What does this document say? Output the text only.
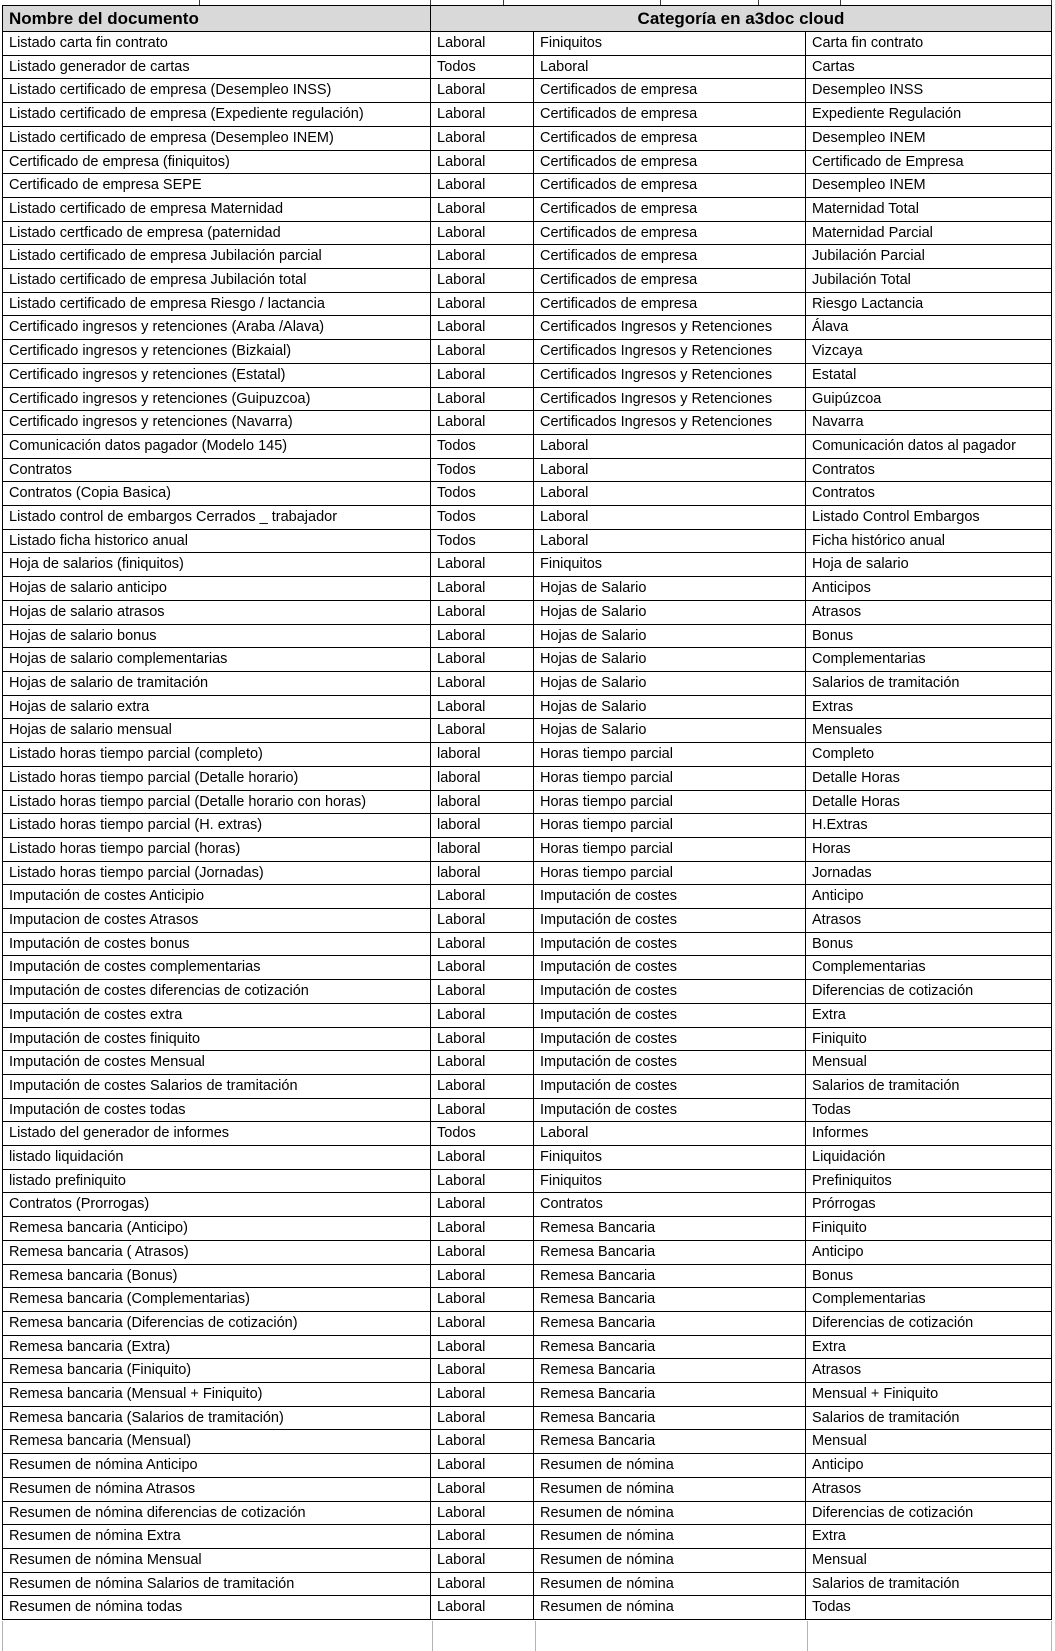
Nombre del documento	Categoría en a3doc cloud		
Listado carta fin contrato	Laboral	Finiquitos	Carta fin contrato
Listado generador de cartas	Todos	Laboral	Cartas
Listado certificado de empresa (Desempleo INSS)	Laboral	Certificados de empresa	Desempleo INSS
Listado certificado de empresa (Expediente regulación)	Laboral	Certificados de empresa	Expediente Regulación
Listado certificado de empresa (Desempleo INEM)	Laboral	Certificados de empresa	Desempleo INEM
Certificado de empresa (finiquitos)	Laboral	Certificados de empresa	Certificado de Empresa
Certificado de empresa SEPE	Laboral	Certificados de empresa	Desempleo INEM
Listado certificado de empresa Maternidad	Laboral	Certificados de empresa	Maternidad Total
Listado certficado de empresa (paternidad	Laboral	Certificados de empresa	Maternidad Parcial
Listado certificado de empresa Jubilación parcial	Laboral	Certificados de empresa	Jubilación Parcial
Listado certificado de empresa Jubilación total	Laboral	Certificados de empresa	Jubilación Total
Listado certificado de empresa Riesgo / lactancia	Laboral	Certificados de empresa	Riesgo Lactancia
Certificado ingresos y retenciones (Araba /Alava)	Laboral	Certificados Ingresos y Retenciones	Álava
Certificado ingresos y retenciones (Bizkaial)	Laboral	Certificados Ingresos y Retenciones	Vizcaya
Certificado ingresos y retenciones (Estatal)	Laboral	Certificados Ingresos y Retenciones	Estatal
Certificado ingresos y retenciones (Guipuzcoa)	Laboral	Certificados Ingresos y Retenciones	Guipúzcoa
Certificado ingresos y retenciones (Navarra)	Laboral	Certificados Ingresos y Retenciones	Navarra
Comunicación datos pagador (Modelo 145)	Todos	Laboral	Comunicación datos al pagador
Contratos	Todos	Laboral	Contratos
Contratos (Copia Basica)	Todos	Laboral	Contratos
Listado control de embargos Cerrados _ trabajador	Todos	Laboral	Listado Control Embargos
Listado ficha historico anual	Todos	Laboral	Ficha histórico anual
Hoja de salarios (finiquitos)	Laboral	Finiquitos	Hoja de salario
Hojas de salario anticipo	Laboral	Hojas de Salario	Anticipos
Hojas de salario atrasos	Laboral	Hojas de Salario	Atrasos
Hojas de salario bonus	Laboral	Hojas de Salario	Bonus
Hojas de salario complementarias	Laboral	Hojas de Salario	Complementarias
Hojas de salario de tramitación	Laboral	Hojas de Salario	Salarios de tramitación
Hojas de salario extra	Laboral	Hojas de Salario	Extras
Hojas de salario mensual	Laboral	Hojas de Salario	Mensuales
Listado horas tiempo parcial (completo)	laboral	Horas tiempo parcial	Completo
Listado horas tiempo parcial (Detalle horario)	laboral	Horas tiempo parcial	Detalle Horas
Listado horas tiempo parcial (Detalle horario con horas)	laboral	Horas tiempo parcial	Detalle Horas
Listado horas tiempo parcial (H. extras)	laboral	Horas tiempo parcial	H.Extras
Listado horas tiempo parcial (horas)	laboral	Horas tiempo parcial	Horas
Listado horas tiempo parcial (Jornadas)	laboral	Horas tiempo parcial	Jornadas
Imputación de costes Anticipio	Laboral	Imputación de costes	Anticipo
Imputacion de costes Atrasos	Laboral	Imputación de costes	Atrasos
Imputación de costes bonus	Laboral	Imputación de costes	Bonus
Imputación de costes complementarias	Laboral	Imputación de costes	Complementarias
Imputación de costes diferencias de cotización	Laboral	Imputación de costes	Diferencias de cotización
Imputación de costes extra	Laboral	Imputación de costes	Extra
Imputación de costes finiquito	Laboral	Imputación de costes	Finiquito
Imputación de costes Mensual	Laboral	Imputación de costes	Mensual
Imputación de costes Salarios de tramitación	Laboral	Imputación de costes	Salarios de tramitación
Imputación de costes todas	Laboral	Imputación de costes	Todas
Listado del generador de informes	Todos	Laboral	Informes
listado liquidación	Laboral	Finiquitos	Liquidación
listado prefiniquito	Laboral	Finiquitos	Prefiniquitos
Contratos (Prorrogas)	Laboral	Contratos	Prórrogas
Remesa bancaria (Anticipo)	Laboral	Remesa Bancaria	Finiquito
Remesa bancaria ( Atrasos)	Laboral	Remesa Bancaria	Anticipo
Remesa bancaria (Bonus)	Laboral	Remesa Bancaria	Bonus
Remesa bancaria (Complementarias)	Laboral	Remesa Bancaria	Complementarias
Remesa bancaria (Diferencias de cotización)	Laboral	Remesa Bancaria	Diferencias de cotización
Remesa bancaria (Extra)	Laboral	Remesa Bancaria	Extra
Remesa bancaria (Finiquito)	Laboral	Remesa Bancaria	Atrasos
Remesa bancaria (Mensual + Finiquito)	Laboral	Remesa Bancaria	Mensual + Finiquito
Remesa bancaria (Salarios de tramitación)	Laboral	Remesa Bancaria	Salarios de tramitación
Remesa bancaria (Mensual)	Laboral	Remesa Bancaria	Mensual
Resumen de nómina Anticipo	Laboral	Resumen de nómina	Anticipo
Resumen de nómina Atrasos	Laboral	Resumen de nómina	Atrasos
Resumen de nómina diferencias de cotización	Laboral	Resumen de nómina	Diferencias de cotización
Resumen de nómina Extra	Laboral	Resumen de nómina	Extra
Resumen de nómina Mensual	Laboral	Resumen de nómina	Mensual
Resumen de nómina Salarios de tramitación	Laboral	Resumen de nómina	Salarios de tramitación
Resumen de nómina todas	Laboral	Resumen de nómina	Todas
